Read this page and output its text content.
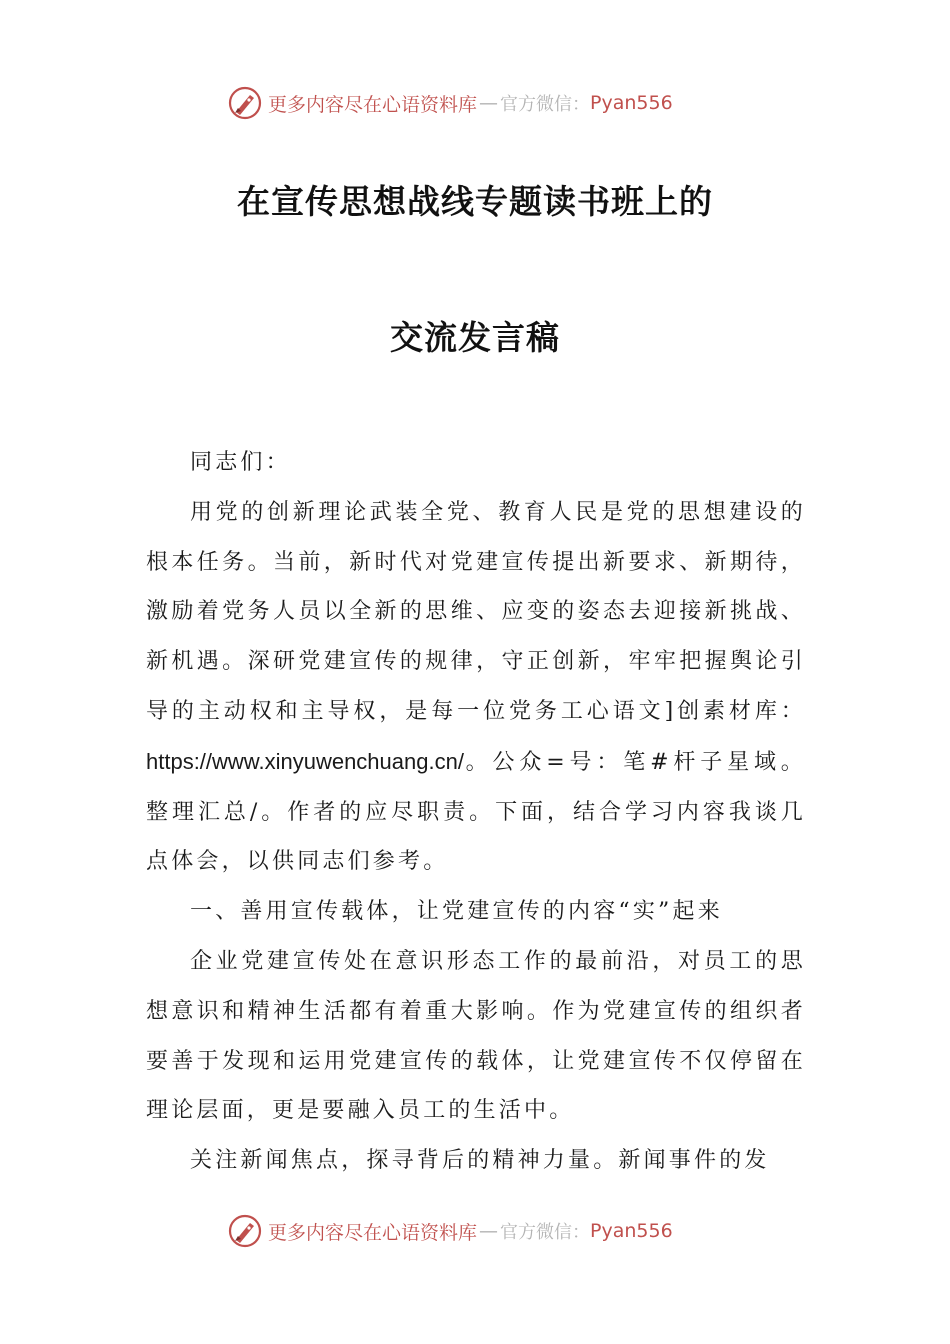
更多内容尽在心语资料库 — 官方微信： Pyan556
在宣传思想战线专题读书班上的
交流发言稿

同志们：

用党的创新理论武装全党、教育人民是党的思想建设的根本任务。当前，新时代对党建宣传提出新要求、新期待，激励着党务人员以全新的思维、应变的姿态去迎接新挑战、新机遇。深研党建宣传的规律，守正创新，牢牢把握舆论引导的主动权和主导权，是每一位党务工心语文]创素材库：https://www.xinyuwenchuang.cn/。公众=号：笔#杆子星域。整理汇总/。作者的应尽职责。下面，结合学习内容我谈几点体会，以供同志们参考。

一、善用宣传载体，让党建宣传的内容“实”起来

企业党建宣传处在意识形态工作的最前沿，对员工的思想意识和精神生活都有着重大影响。作为党建宣传的组织者要善于发现和运用党建宣传的载体，让党建宣传不仅停留在理论层面，更是要融入员工的生活中。

关注新闻焦点，探寻背后的精神力量。新闻事件的发

更多内容尽在心语资料库 — 官方微信： Pyan556
